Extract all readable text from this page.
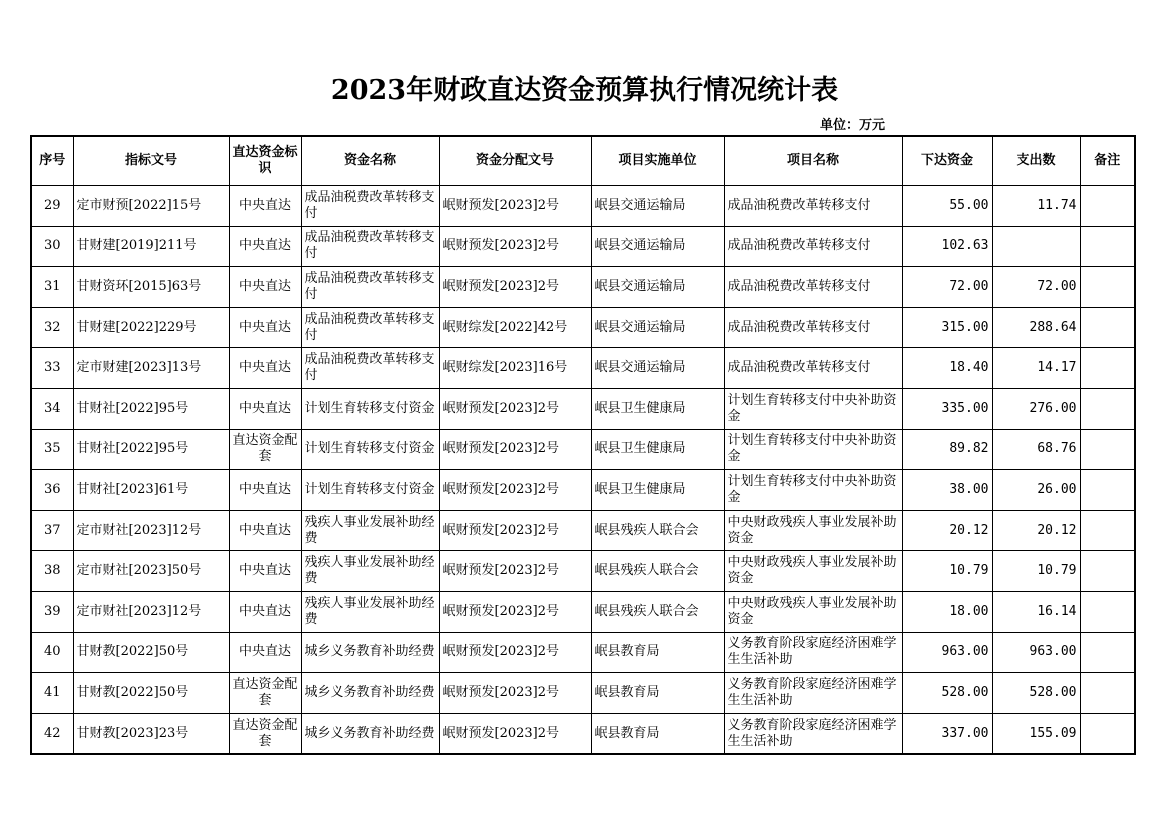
2023年财政直达资金预算执行情况统计表
单位：万元
序号	指标文号	直达资金标识	资金名称	资金分配文号	项目实施单位	项目名称	下达资金	支出数	备注
29	定市财预[2022]15号	中央直达	成品油税费改革转移支付	岷财预发[2023]2号	岷县交通运输局	成品油税费改革转移支付	55.00	11.74	
30	甘财建[2019]211号	中央直达	成品油税费改革转移支付	岷财预发[2023]2号	岷县交通运输局	成品油税费改革转移支付	102.63		
31	甘财资环[2015]63号	中央直达	成品油税费改革转移支付	岷财预发[2023]2号	岷县交通运输局	成品油税费改革转移支付	72.00	72.00	
32	甘财建[2022]229号	中央直达	成品油税费改革转移支付	岷财综发[2022]42号	岷县交通运输局	成品油税费改革转移支付	315.00	288.64	
33	定市财建[2023]13号	中央直达	成品油税费改革转移支付	岷财综发[2023]16号	岷县交通运输局	成品油税费改革转移支付	18.40	14.17	
34	甘财社[2022]95号	中央直达	计划生育转移支付资金	岷财预发[2023]2号	岷县卫生健康局	计划生育转移支付中央补助资金	335.00	276.00	
35	甘财社[2022]95号	直达资金配套	计划生育转移支付资金	岷财预发[2023]2号	岷县卫生健康局	计划生育转移支付中央补助资金	89.82	68.76	
36	甘财社[2023]61号	中央直达	计划生育转移支付资金	岷财预发[2023]2号	岷县卫生健康局	计划生育转移支付中央补助资金	38.00	26.00	
37	定市财社[2023]12号	中央直达	残疾人事业发展补助经费	岷财预发[2023]2号	岷县残疾人联合会	中央财政残疾人事业发展补助资金	20.12	20.12	
38	定市财社[2023]50号	中央直达	残疾人事业发展补助经费	岷财预发[2023]2号	岷县残疾人联合会	中央财政残疾人事业发展补助资金	10.79	10.79	
39	定市财社[2023]12号	中央直达	残疾人事业发展补助经费	岷财预发[2023]2号	岷县残疾人联合会	中央财政残疾人事业发展补助资金	18.00	16.14	
40	甘财教[2022]50号	中央直达	城乡义务教育补助经费	岷财预发[2023]2号	岷县教育局	义务教育阶段家庭经济困难学生生活补助	963.00	963.00	
41	甘财教[2022]50号	直达资金配套	城乡义务教育补助经费	岷财预发[2023]2号	岷县教育局	义务教育阶段家庭经济困难学生生活补助	528.00	528.00	
42	甘财教[2023]23号	直达资金配套	城乡义务教育补助经费	岷财预发[2023]2号	岷县教育局	义务教育阶段家庭经济困难学生生活补助	337.00	155.09	
